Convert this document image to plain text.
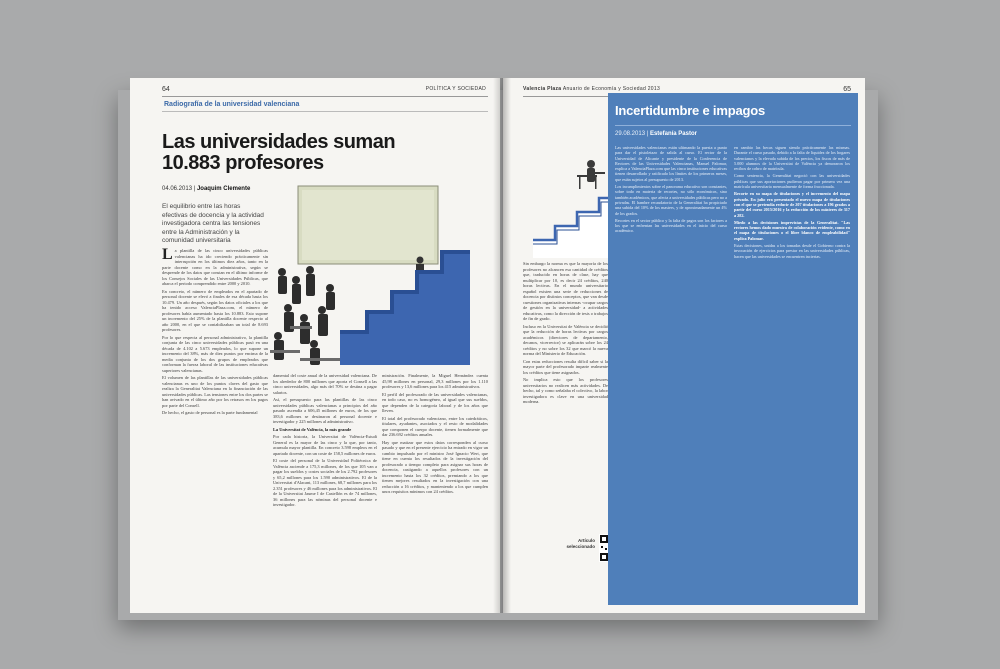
64	POLÍTICA Y SOCIEDAD
Radiografía de la universidad valenciana
Las universidades suman 10.883 profesores
04.06.2013 | Joaquim Clemente
El equilibrio entre las horas efectivas de docencia y la actividad investigadora centra las tensiones entre la Administración y la comunidad universitaria

La plantilla de las cinco universidades públicas valencianas ha ido creciendo prácticamente sin interrupción en los últimos diez años, tanto en la parte docente como en la administrativa, según se desprende de los datos que constan en el último informe de los Consejos Sociales de las Universidades Públicas, que abarca el periodo comprendido entre 2000 y 2010.

En concreto, el número de empleados en el apartado de personal docente se elevó a finales de esa década hasta los 10.479. Un año después, según los datos oficiales a los que ha tenido acceso ValenciaPlaza.com, el número de profesores había aumentado hasta los 10.883. Esto supone un incremento del 25% de la plantilla docente respecto al año 2000, en el que se contabilizaban un total de 8.693 profesores.

Por lo que respecta al personal administrativo, la plantilla conjunta de las cinco universidades públicas pasó en una década de 4.102 a 5.673 empleados, lo que supone un incremento del 38%, más de diez puntos por encima de la media conjunta de los dos grupos de empleados que conforman la fuerza laboral de las instituciones educativas superiores valencianas.

El volumen de las plantillas de las universidades públicas valencianas es uno de los puntos claves del gasto que realiza la Generalitat Valenciana en la financiación de las universidades públicas. Las tensiones entre los dos partes se han avivado en el último año por los retrasos en los pagos por parte del Consell.

De hecho, el gasto de personal es la parte fundamental

damental del coste anual de la universidad valenciana. De los alrededor de 800 millones que aporta el Consell a las cinco universidades, algo más del 70% se destina a pagar salarios.

Así, el presupuesto para las plantillas de las cinco universidades públicas valencianas a principios del año pasado ascendía a 606,45 millones de euros, de los que 383,6 millones se destinaron al personal docente e investigador y 225 millones al administrativo.

La Universitat de València, la más grande

Por cada historia, la Universitat de València-Estudi General es la mayor de las cinco y la que, por tanto, acumula mayor plantilla. En concreto 3.598 empleos en el apartado docente, con un coste de 158,5 millones de euros.

El coste del personal de la Universidad Politécnica de València asciende a 175,3 millones, de los que 105 van a pagar los sueldos y costes sociales de los 2.792 profesores y 65,2 millones para los 1.590 administrativos. El de la Universitat d'Alacant, 113 millones, 68,7 millones para los 2.351 profesores y 46 millones para los administrativos. El de la Universitat Jaume I de Castellón es de 74 millones, 36 millones para las nóminas del personal docente e investigador.

ministración. Finalmente, la Miguel Hernández cuenta 45,98 millones en personal, 29,3 millones por los 1.110 profesores y 13,6 millones para los 415 administrativos.

El perfil del profesorado de las universidades valencianas, en todo caso, no es homogéneo, al igual que sus sueldos, que dependen de la categoría laboral y de los años que lleven.

El total del profesorado valenciano, entre los catedráticos, titulares, ayudantes, asociados y el resto de modalidades que componen el cuerpo docente, tienen formalmente que dar 236.692 créditos anuales.

Hay que matizar que estos datos corresponden al curso pasado y que en el presente ejercicio ha entrado en vigor un cambio impulsado por el ministro José Ignacio Wert, que tiene en cuenta los resultados de la investigación del profesorado a tiempo completo para asignar sus horas de docencia, castigando a aquellos profesores con un incremento hasta los 32 créditos, premiando a los que tienen mejores resultados en la investigación con una reducción a 16 créditos, y manteniendo a los que cumplen unos requisitos mínimos con 24 créditos.

Valencia Plaza Anuario de Economía y Sociedad 2013	65

Sin embargo la norma es que la mayoría de los profesores no alcancen esa cantidad de créditos que, traducido en horas de clase, hay que multiplicar por 10, es decir 24 créditos, 240 horas lectivas. En el mundo universitario español existen una serie de reducciones de docencia por distintos conceptos, que van desde cuestiones organizativas internas -ocupar cargos de gestión en la universidad- a actividades educativas, como la dirección de tesis o trabajos de fin de grado.

Incluso en la Universitat de València se decidió que la reducción de horas lectivas por cargos académicos (directores de departamento, decanos, vicerrector) se aplicarán sobre los 24 créditos y no sobre los 32 que marcó la nueva norma del Ministerio de Educación.

Con estas reducciones resulta difícil saber si la mayor parte del profesorado imparte realmente los créditos que tiene asignados.

No implica esto que los profesores universitarios no realicen más actividades. De hecho, tal y como señalaba el colectivo, la labor investigadora es clave en una universidad moderna.

Artículo seleccionado

Incertidumbre e impagos
29.08.2013 | Estefanía Pastor

Las universidades valencianas están ultimando la puesta a punto para dar el pistoletazo de salida al curso. El rector de la Universidad de Alicante y presidente de la Conferencia de Rectores de las Universidades Valencianas, Manuel Palomar, explica a ValenciaPlaza.com que las cinco instituciones educativas tienen desarrollado y ratificado los límites de los primeros meses, que están sujetos al presupuesto de 2013.

Los incumplimientos sobre el panorama educativo son constantes, sobre todo en materia de recortes, no sólo económicos, sino también académicos, que afecta a universidades públicas pero no a privadas. El hambre recaudatorio de la Generalitat ha propiciado una subida del 10% de los masters, y de aproximadamente un 4% de los grados.

Recortes en el sector público y la falta de pagos son los factores a los que se enfrentan las universidades en el inicio del curso académico.

en cambio las becas siguen siendo prácticamente las mismas. Durante el curso pasado, debido a la falta de liquidez de los hogares valencianos y la elevada subida de los precios, los fiscos de más de 5.000 alumnos de la Universitat de València ya demoraron los recibos de cobro de matrícula.

Como sentencia, la Generalitat negoció con las universidades públicas que sus aportaciones pudieran pagar por primera vez una matrícula universitaria mensualmente de forma fraccionada.

Recorte en su mapa de titulaciones y el incremento del mapa privado. En julio era presentado el nuevo mapa de titulaciones con el que se pretendía reducir de 207 titulaciones a 196 grados a partir del curso 2015/2016 y la reducción de los másteres de 317 a 282.

Miedo a las decisiones imprevistas de la Generalitat. "Las rectores hemos dado muestra de colaboración evidente, como en el mapa de titulaciones o el libre blanco de empleabilidad" explica Palomar.

Estas decisiones, unidas a los tomadas desde el Gobierno contra la invocación de ejercicios para prestar en las universidades públicas, hacen que las universidades se encuentren inciertas.
